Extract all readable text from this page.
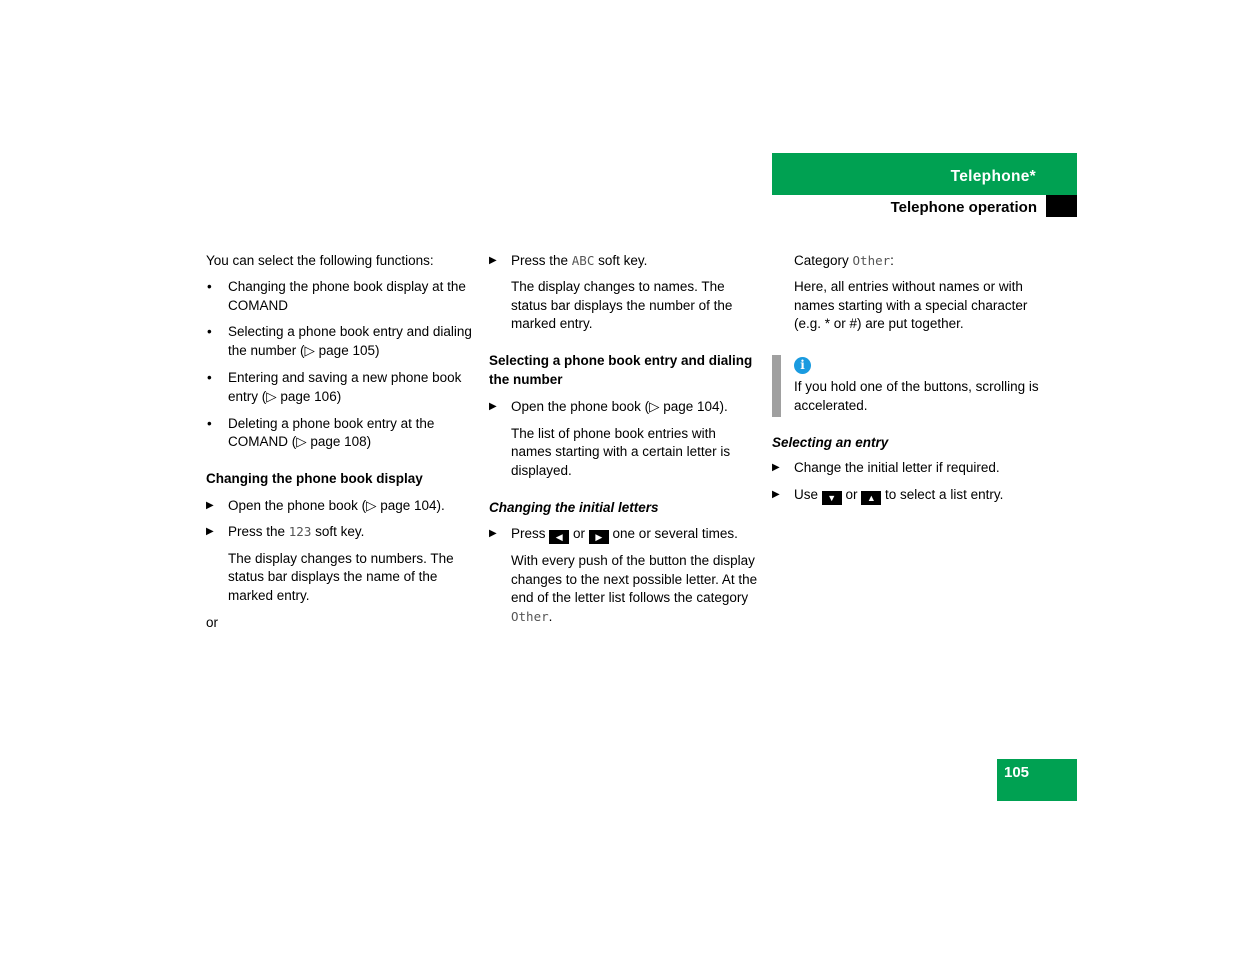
Telephone*
Telephone operation

You can select the following functions:

• Changing the phone book display at the COMAND
• Selecting a phone book entry and dialing the number (▷ page 105)
• Entering and saving a new phone book entry (▷ page 106)
• Deleting a phone book entry at the COMAND (▷ page 108)

Changing the phone book display

▶ Open the phone book (▷ page 104).
▶ Press the 123 soft key.

The display changes to numbers. The status bar displays the name of the marked entry.

or

▶ Press the ABC soft key.

The display changes to names. The status bar displays the number of the marked entry.

Selecting a phone book entry and dialing the number

▶ Open the phone book (▷ page 104).

The list of phone book entries with names starting with a certain letter is displayed.

Changing the initial letters

▶ Press ◀ or ▶ one or several times.

With every push of the button the display changes to the next possible letter. At the end of the letter list follows the category Other.

Category Other:

Here, all entries without names or with names starting with a special character (e.g. * or #) are put together.

i

If you hold one of the buttons, scrolling is accelerated.

Selecting an entry

▶ Change the initial letter if required.
▶ Use ▼ or ▲ to select a list entry.
105
